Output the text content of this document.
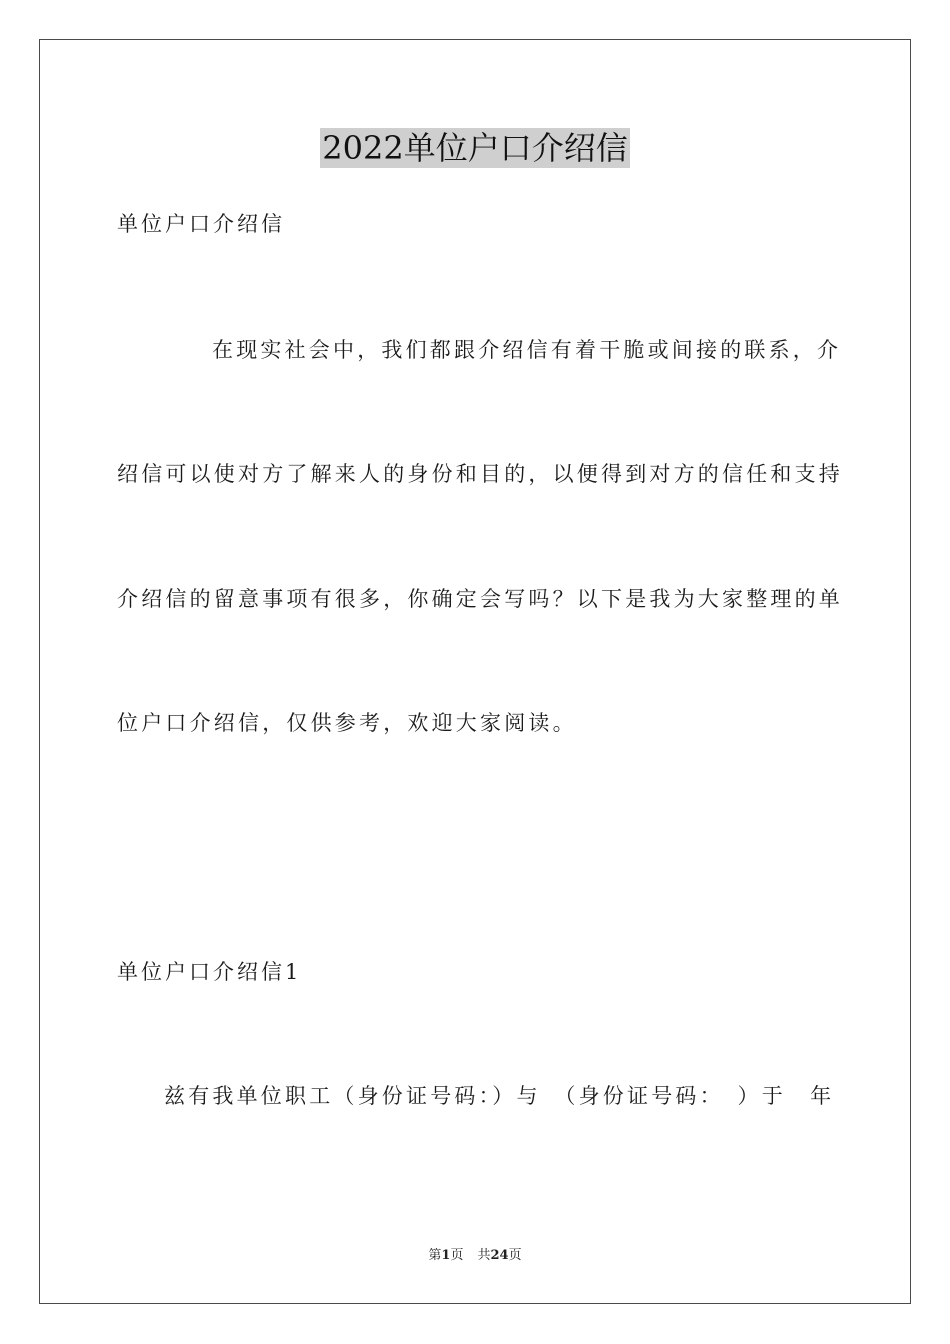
2022单位户口介绍信
单位户口介绍信
在现实社会中，我们都跟介绍信有着干脆或间接的联系，介
绍信可以使对方了解来人的身份和目的，以便得到对方的信任和支持
介绍信的留意事项有很多，你确定会写吗？以下是我为大家整理的单
位户口介绍信，仅供参考，欢迎大家阅读。
单位户口介绍信1
兹有我单位职工（身份证号码：）与　（身份证号码：　）于　年
第1页 共24页
